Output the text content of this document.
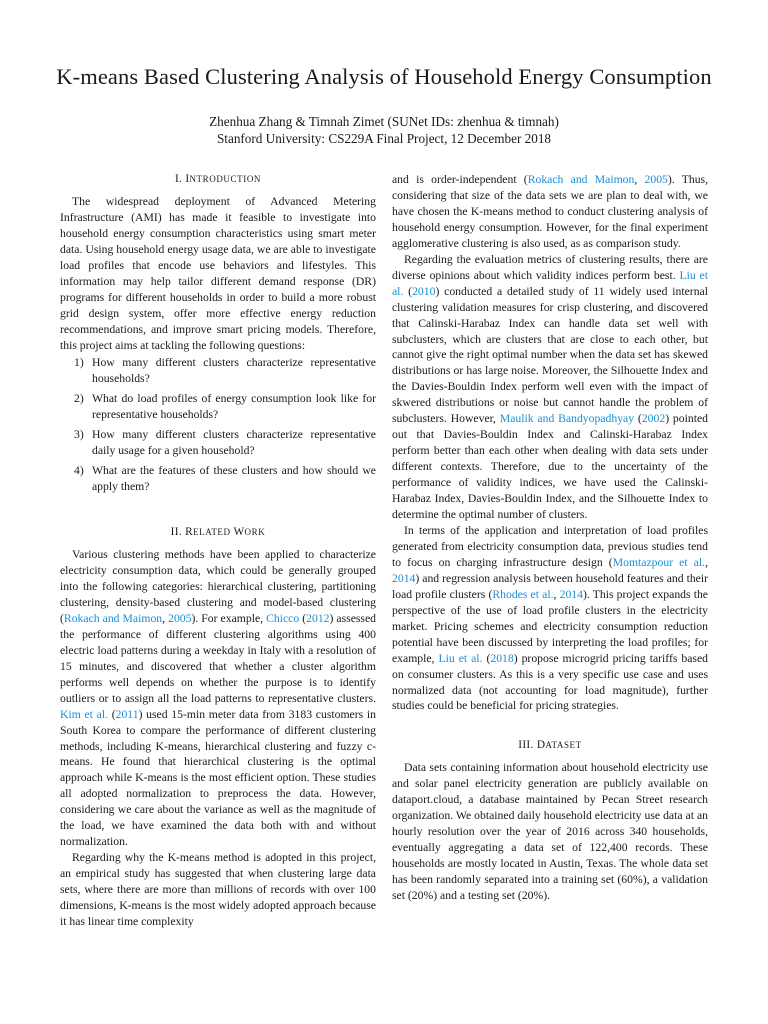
K-means Based Clustering Analysis of Household Energy Consumption
Zhenhua Zhang & Timnah Zimet (SUNet IDs: zhenhua & timnah)
Stanford University: CS229A Final Project, 12 December 2018
I. INTRODUCTION

The widespread deployment of Advanced Metering Infrastructure (AMI) has made it feasible to investigate into household energy consumption characteristics using smart meter data. Using household energy usage data, we are able to investigate load profiles that encode use behaviors and lifestyles. This information may help tailor different demand response (DR) programs for different households in order to build a more robust grid design system, offer more effective energy reduction recommendations, and improve smart pricing models. Therefore, this project aims at tackling the following questions:

1) How many different clusters characterize representative households?
2) What do load profiles of energy consumption look like for representative households?
3) How many different clusters characterize representative daily usage for a given household?
4) What are the features of these clusters and how should we apply them?
II. RELATED WORK

Various clustering methods have been applied to characterize electricity consumption data, which could be generally grouped into the following categories: hierarchical clustering, partitioning clustering, density-based clustering and model-based clustering (Rokach and Maimon, 2005). For example, Chicco (2012) assessed the performance of different clustering algorithms using 400 electric load patterns during a weekday in Italy with a resolution of 15 minutes, and discovered that whether a cluster algorithm performs well depends on whether the purpose is to identify outliers or to assign all the load patterns to representative clusters. Kim et al. (2011) used 15-min meter data from 3183 customers in South Korea to compare the performance of different clustering methods, including K-means, hierarchical clustering and fuzzy c-means. He found that hierarchical clustering is the optimal approach while K-means is the most efficient option. These studies all adopted normalization to preprocess the data. However, considering we care about the variance as well as the magnitude of the load, we have examined the data both with and without normalization.

Regarding why the K-means method is adopted in this project, an empirical study has suggested that when clustering large data sets, where there are more than millions of records with over 100 dimensions, K-means is the most widely adopted approach because it has linear time complexity

and is order-independent (Rokach and Maimon, 2005). Thus, considering that size of the data sets we are plan to deal with, we have chosen the K-means method to conduct clustering analysis of household energy consumption. However, for the final experiment agglomerative clustering is also used, as as comparison study.

Regarding the evaluation metrics of clustering results, there are diverse opinions about which validity indices perform best. Liu et al. (2010) conducted a detailed study of 11 widely used internal clustering validation measures for crisp clustering, and discovered that Calinski-Harabaz Index can handle data set well with subclusters, which are clusters that are close to each other, but cannot give the right optimal number when the data set has skewed distributions or has large noise. Moreover, the Silhouette Index and the Davies-Bouldin Index perform well even with the impact of skwered distributions or noise but cannot handle the problem of subclusters. However, Maulik and Bandyopadhyay (2002) pointed out that Davies-Bouldin Index and Calinski-Harabaz Index perform better than each other when dealing with data sets under different contexts. Therefore, due to the uncertainty of the performance of validity indices, we have used the Calinski-Harabaz Index, Davies-Bouldin Index, and the Silhouette Index to determine the optimal number of clusters.

In terms of the application and interpretation of load profiles generated from electricity consumption data, previous studies tend to focus on charging infrastructure design (Momtazpour et al., 2014) and regression analysis between household features and their load profile clusters (Rhodes et al., 2014). This project expands the perspective of the use of load profile clusters in the electricity market. Pricing schemes and electricity consumption reduction potential have been discussed by interpreting the load profiles; for example, Liu et al. (2018) propose microgrid pricing tariffs based on consumer clusters. As this is a very specific use case and uses normalized data (not accounting for load magnitude), further studies could be beneficial for pricing strategies.

III. DATASET

Data sets containing information about household electricity use and solar panel electricity generation are publicly available on dataport.cloud, a database maintained by Pecan Street research organization. We obtained daily household electricity use data at an hourly resolution over the year of 2016 across 340 households, eventually aggregating a data set of 122,400 records. These households are mostly located in Austin, Texas. The whole data set has been randomly separated into a training set (60%), a validation set (20%) and a testing set (20%).
